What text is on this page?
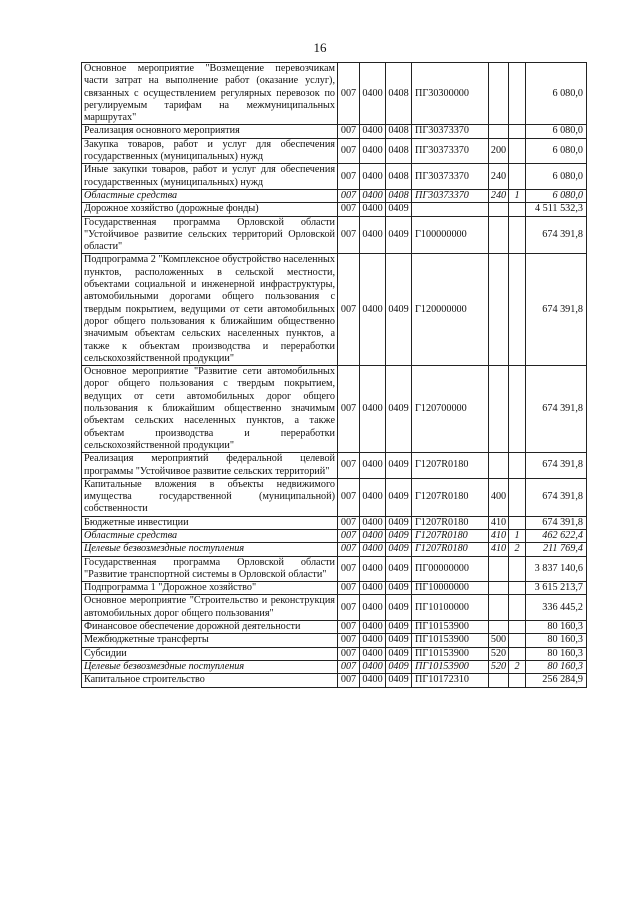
16
Основное мероприятие "Возмещение перевозчикам части затрат на выполнение работ (оказание услуг), связанных с осуществлением регулярных перевозок по регулируемым тарифам на межмуниципальных маршрутах"	007	0400	0408	ПГ30300000			6 080,0
Реализация основного мероприятия	007	0400	0408	ПГ30373370			6 080,0
Закупка товаров, работ и услуг для обеспечения государственных (муниципальных) нужд	007	0400	0408	ПГ30373370	200		6 080,0
Иные закупки товаров, работ и услуг для обеспечения государственных (муниципальных) нужд	007	0400	0408	ПГ30373370	240		6 080,0
Областные средства	007	0400	0408	ПГ30373370	240	1	6 080,0
Дорожное хозяйство (дорожные фонды)	007	0400	0409				4 511 532,3
Государственная программа Орловской области "Устойчивое развитие сельских территорий Орловской области"	007	0400	0409	Г100000000			674 391,8
Подпрограмма 2 "Комплексное обустройство населенных пунктов, расположенных в сельской местности, объектами социальной и инженерной инфраструктуры, автомобильными дорогами общего пользования с твердым покрытием, ведущими от сети автомобильных дорог общего пользования к ближайшим общественно значимым объектам сельских населенных пунктов, а также к объектам производства и переработки сельскохозяйственной продукции"	007	0400	0409	Г120000000			674 391,8
Основное мероприятие "Развитие сети автомобильных дорог общего пользования с твердым покрытием, ведущих от сети автомобильных дорог общего пользования к ближайшим общественно значимым объектам сельских населенных пунктов, а также объектам производства и переработки сельскохозяйственной продукции"	007	0400	0409	Г120700000			674 391,8
Реализация мероприятий федеральной целевой программы "Устойчивое развитие сельских территорий"	007	0400	0409	Г1207R0180			674 391,8
Капитальные вложения в объекты недвижимого имущества государственной (муниципальной) собственности	007	0400	0409	Г1207R0180	400		674 391,8
Бюджетные инвестиции	007	0400	0409	Г1207R0180	410		674 391,8
Областные средства	007	0400	0409	Г1207R0180	410	1	462 622,4
Целевые безвозмездные поступления	007	0400	0409	Г1207R0180	410	2	211 769,4
Государственная программа Орловской области "Развитие транспортной системы в Орловской области"	007	0400	0409	ПГ00000000			3 837 140,6
Подпрограмма 1 "Дорожное хозяйство"	007	0400	0409	ПГ10000000			3 615 213,7
Основное мероприятие "Строительство и реконструкция автомобильных дорог общего пользования"	007	0400	0409	ПГ10100000			336 445,2
Финансовое обеспечение дорожной деятельности	007	0400	0409	ПГ10153900			80 160,3
Межбюджетные трансферты	007	0400	0409	ПГ10153900	500		80 160,3
Субсидии	007	0400	0409	ПГ10153900	520		80 160,3
Целевые безвозмездные поступления	007	0400	0409	ПГ10153900	520	2	80 160,3
Капитальное строительство	007	0400	0409	ПГ10172310			256 284,9
